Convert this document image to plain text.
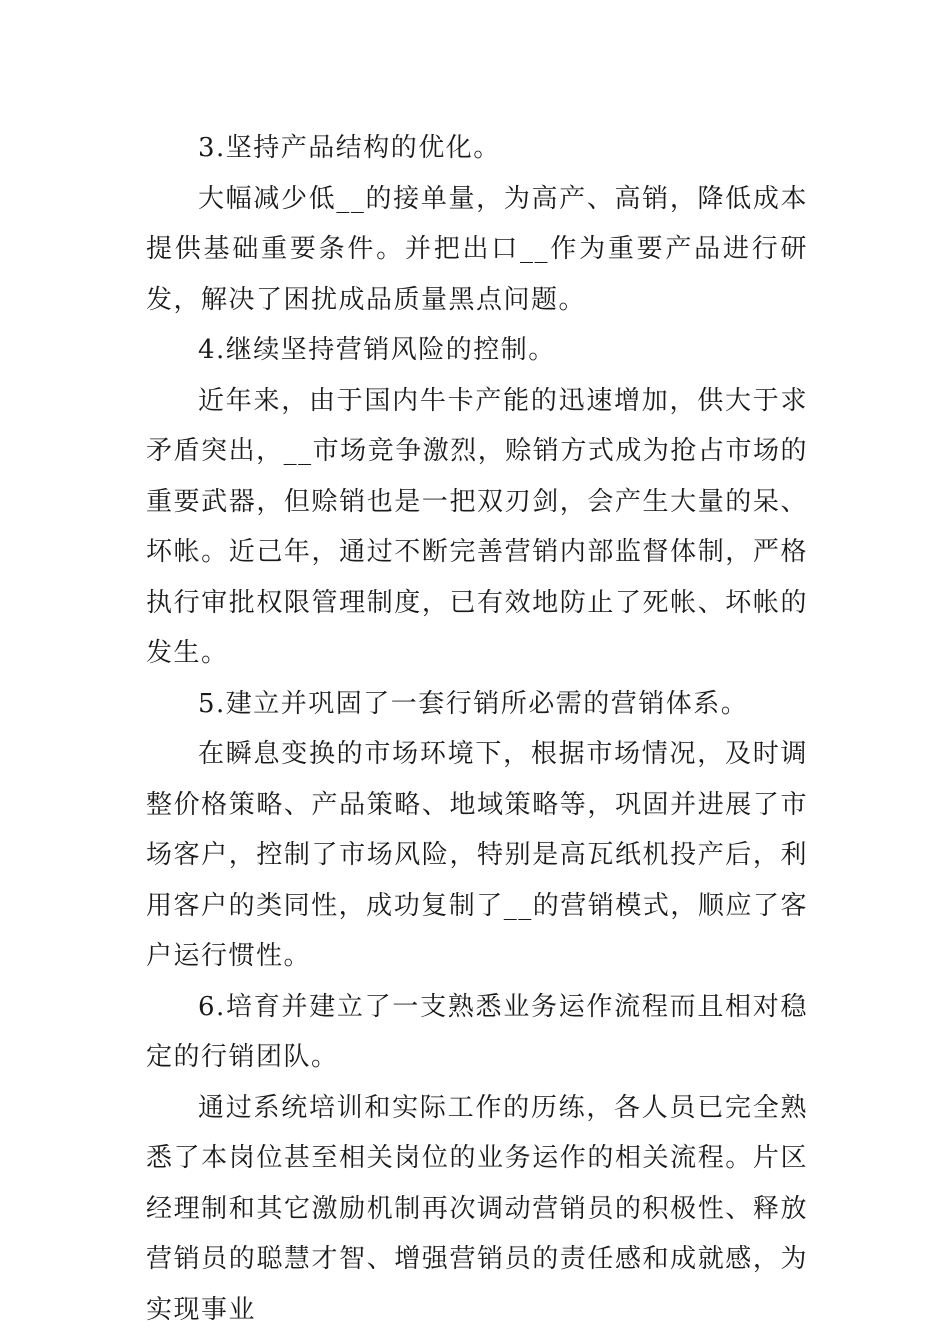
3.坚持产品结构的优化。

大幅减少低__的接单量，为高产、高销，降低成本提供基础重要条件。并把出口__作为重要产品进行研发，解决了困扰成品质量黑点问题。

4.继续坚持营销风险的控制。

近年来，由于国内牛卡产能的迅速增加，供大于求矛盾突出，__市场竞争激烈，赊销方式成为抢占市场的重要武器，但赊销也是一把双刃剑，会产生大量的呆、坏帐。近己年，通过不断完善营销内部监督体制，严格执行审批权限管理制度，已有效地防止了死帐、坏帐的发生。

5.建立并巩固了一套行销所必需的营销体系。

在瞬息变换的市场环境下，根据市场情况，及时调整价格策略、产品策略、地域策略等，巩固并进展了市场客户，控制了市场风险，特别是高瓦纸机投产后，利用客户的类同性，成功复制了__的营销模式，顺应了客户运行惯性。

6.培育并建立了一支熟悉业务运作流程而且相对稳定的行销团队。

通过系统培训和实际工作的历练，各人员已完全熟悉了本岗位甚至相关岗位的业务运作的相关流程。片区经理制和其它激励机制再次调动营销员的积极性、释放营销员的聪慧才智、增强营销员的责任感和成就感，为实现事业
